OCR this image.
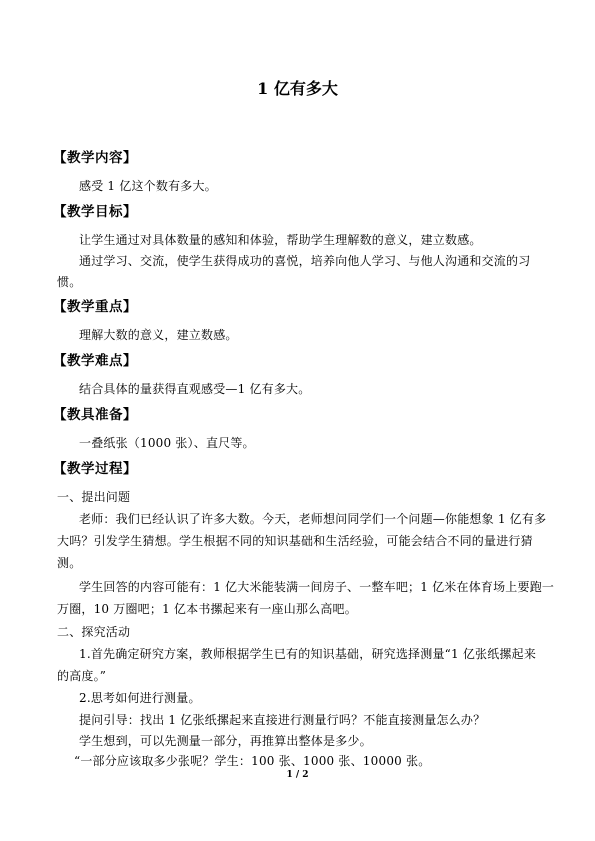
1 亿有多大
【教学内容】
感受 1 亿这个数有多大。
【教学目标】
让学生通过对具体数量的感知和体验，帮助学生理解数的意义，建立数感。
通过学习、交流，使学生获得成功的喜悦，培养向他人学习、与他人沟通和交流的习
惯。
【教学重点】
理解大数的意义，建立数感。
【教学难点】
结合具体的量获得直观感受—1 亿有多大。
【教具准备】
一叠纸张（1000 张）、直尺等。
【教学过程】
一、提出问题
老师：我们已经认识了许多大数。今天，老师想问同学们一个问题—你能想象 1 亿有多
大吗？引发学生猜想。学生根据不同的知识基础和生活经验，可能会结合不同的量进行猜
测。
学生回答的内容可能有：1 亿大米能装满一间房子、一整车吧；1 亿米在体育场上要跑一
万圈，10 万圈吧；1 亿本书摞起来有一座山那么高吧。
二、探究活动
1.首先确定研究方案，教师根据学生已有的知识基础，研究选择测量“1 亿张纸摞起来
的高度。”
2.思考如何进行测量。
提问引导：找出 1 亿张纸摞起来直接进行测量行吗？不能直接测量怎么办？
学生想到，可以先测量一部分，再推算出整体是多少。
“一部分应该取多少张呢？学生：100 张、1000 张、10000 张。
1 / 2
